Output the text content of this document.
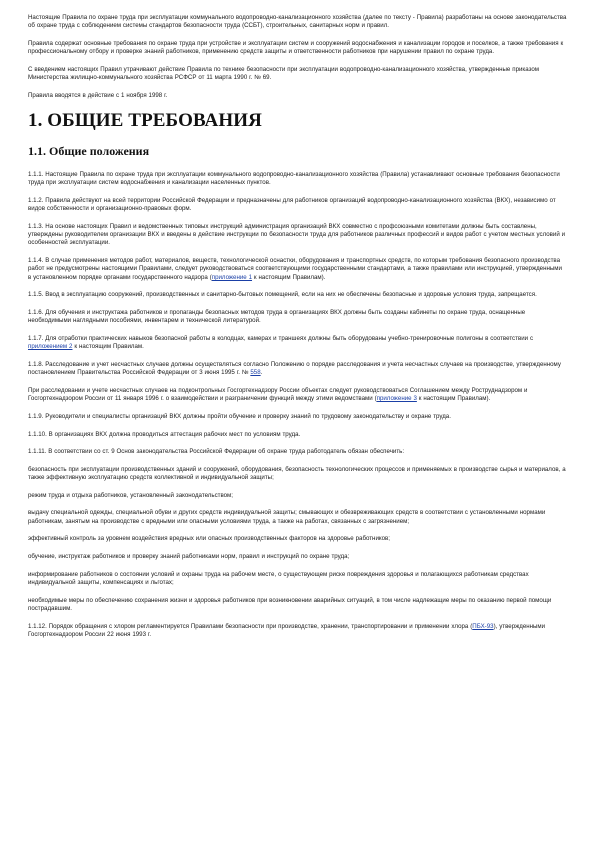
Настоящие Правила по охране труда при эксплуатации коммунального водопроводно-канализационного хозяйства (далее по тексту - Правила) разработаны на основе законодательства об охране труда с соблюдением системы стандартов безопасности труда (ССБТ), строительных, санитарных норм и правил.

Правила содержат основные требования по охране труда при устройстве и эксплуатации систем и сооружений водоснабжения и канализации городов и поселков, а также требования к профессиональному отбору и проверке знаний работников, применению средств защиты и ответственности работников при нарушении правил по охране труда.

С введением настоящих Правил утрачивают действие Правила по технике безопасности при эксплуатации водопроводно-канализационного хозяйства, утвержденные приказом Министерства жилищно-коммунального хозяйства РСФСР от 11 марта 1990 г. № 69.

Правила вводятся в действие с 1 ноября 1998 г.

1. ОБЩИЕ ТРЕБОВАНИЯ
1.1. Общие положения

1.1.1. Настоящие Правила по охране труда при эксплуатации коммунального водопроводно-канализационного хозяйства (Правила) устанавливают основные требования безопасности труда при эксплуатации систем водоснабжения и канализации населенных пунктов.

1.1.2. Правила действуют на всей территории Российской Федерации и предназначены для работников организаций водопроводно-канализационного хозяйства (ВКХ), независимо от видов собственности и организационно-правовых форм.

1.1.3. На основе настоящих Правил и ведомственных типовых инструкций администрация организаций ВКХ совместно с профсоюзными комитетами должны быть составлены, утверждены руководителем организации ВКХ и введены в действие инструкции по безопасности труда для работников различных профессий и видов работ с учетом местных условий и особенностей эксплуатации.

1.1.4. В случае применения методов работ, материалов, веществ, технологической оснастки, оборудования и транспортных средств, по которым требования безопасного производства работ не предусмотрены настоящими Правилами, следует руководствоваться соответствующими государственными стандартами, а также правилами или инструкцией, утвержденными в установленном порядке органами государственного надзора (приложение 1 к настоящим Правилам).

1.1.5. Ввод в эксплуатацию сооружений, производственных и санитарно-бытовых помещений, если на них не обеспечены безопасные и здоровые условия труда, запрещается.

1.1.6. Для обучения и инструктажа работников и пропаганды безопасных методов труда в организациях ВКХ должны быть созданы кабинеты по охране труда, оснащенные необходимыми наглядными пособиями, инвентарем и технической литературой.

1.1.7. Для отработки практических навыков безопасной работы в колодцах, камерах и траншеях должны быть оборудованы учебно-тренировочные полигоны в соответствии с приложением 2 к настоящим Правилам.

1.1.8. Расследование и учет несчастных случаев должны осуществляться согласно Положению о порядке расследования и учета несчастных случаев на производстве, утвержденному постановлением Правительства Российской Федерации от 3 июня 1995 г. № 558.

При расследовании и учете несчастных случаев на подконтрольных Госгортехнадзору России объектах следует руководствоваться Соглашением между Роструднадзором и Госгортехнадзором России от 11 января 1996 г. о взаимодействии и разграничении функций между этими ведомствами (приложение 3 к настоящим Правилам).

1.1.9. Руководители и специалисты организаций ВКХ должны пройти обучение и проверку знаний по трудовому законодательству и охране труда.

1.1.10. В организациях ВКХ должна проводиться аттестация рабочих мест по условиям труда.

1.1.11. В соответствии со ст. 9 Основ законодательства Российской Федерации об охране труда работодатель обязан обеспечить:

безопасность при эксплуатации производственных зданий и сооружений, оборудования, безопасность технологических процессов и применяемых в производстве сырья и материалов, а также эффективную эксплуатацию средств коллективной и индивидуальной защиты;

режим труда и отдыха работников, установленный законодательством;

выдачу специальной одежды, специальной обуви и других средств индивидуальной защиты; смывающих и обезвреживающих средств в соответствии с установленными нормами работникам, занятым на производстве с вредными или опасными условиями труда, а также на работах, связанных с загрязнением;

эффективный контроль за уровнем воздействия вредных или опасных производственных факторов на здоровье работников;

обучение, инструктаж работников и проверку знаний работниками норм, правил и инструкций по охране труда;

информирование работников о состоянии условий и охраны труда на рабочем месте, о существующем риске повреждения здоровья и полагающихся работникам средствах индивидуальной защиты, компенсациях и льготах;

необходимые меры по обеспечению сохранения жизни и здоровья работников при возникновении аварийных ситуаций, в том числе надлежащие меры по оказанию первой помощи пострадавшим.

1.1.12. Порядок обращения с хлором регламентируется Правилами безопасности при производстве, хранении, транспортировании и применении хлора (ПБХ-93), утвержденными Госгортехнадзором России 22 июня 1993 г.
